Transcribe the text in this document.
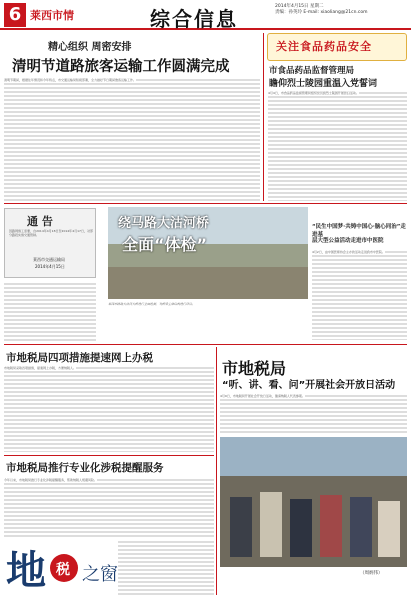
6 莱西市情	综合信息
2014年4月15日 星期二
责编：孙英玲 E-mail: xiaoliang@21cn.com
精心组织 周密安排
清明节道路旅客运输工作圆满完成
清明节期间，根据往年情况和今年特点，市交通运输局积极部署，全力做好节日期间旅客运输工作。
关注食品药品安全
市食品药品监督管理局
瞻仰烈士陵园重温入党誓词
4月4日，市食品药品监督管理局组织党员到烈士陵园开展祭扫活动。
通 告
因路网施工需要，自2014年4月18日至2014年4月17日，对部分路段实施交通管制。
莱西市交通运输局
2014年4月15日
绕马路大沽河桥
全面“体检”
莱西市路政大沽河大桥进行全面检测，对桥梁主体结构进行评估。
“民生中国梦·共铸中国心·脑心同治”走进基
层大型公益活动走进市中医院
4月2日，由中国医师协会主办的活动走进我市中医院。
市地税局四项措施提速网上办税
市地税局采取四项措施，提速网上办税，方便纳税人。	市地税局
“听、讲、看、问”开展社会开放日活动
4月9日，市地税局开展社会开放日活动，邀请纳税人代表参观。
（周炳伟）
市地税局推行专业化涉税提醒服务
今年以来，市地税局推行专业化涉税提醒服务，帮助纳税人规避风险。
地 税 之窗
